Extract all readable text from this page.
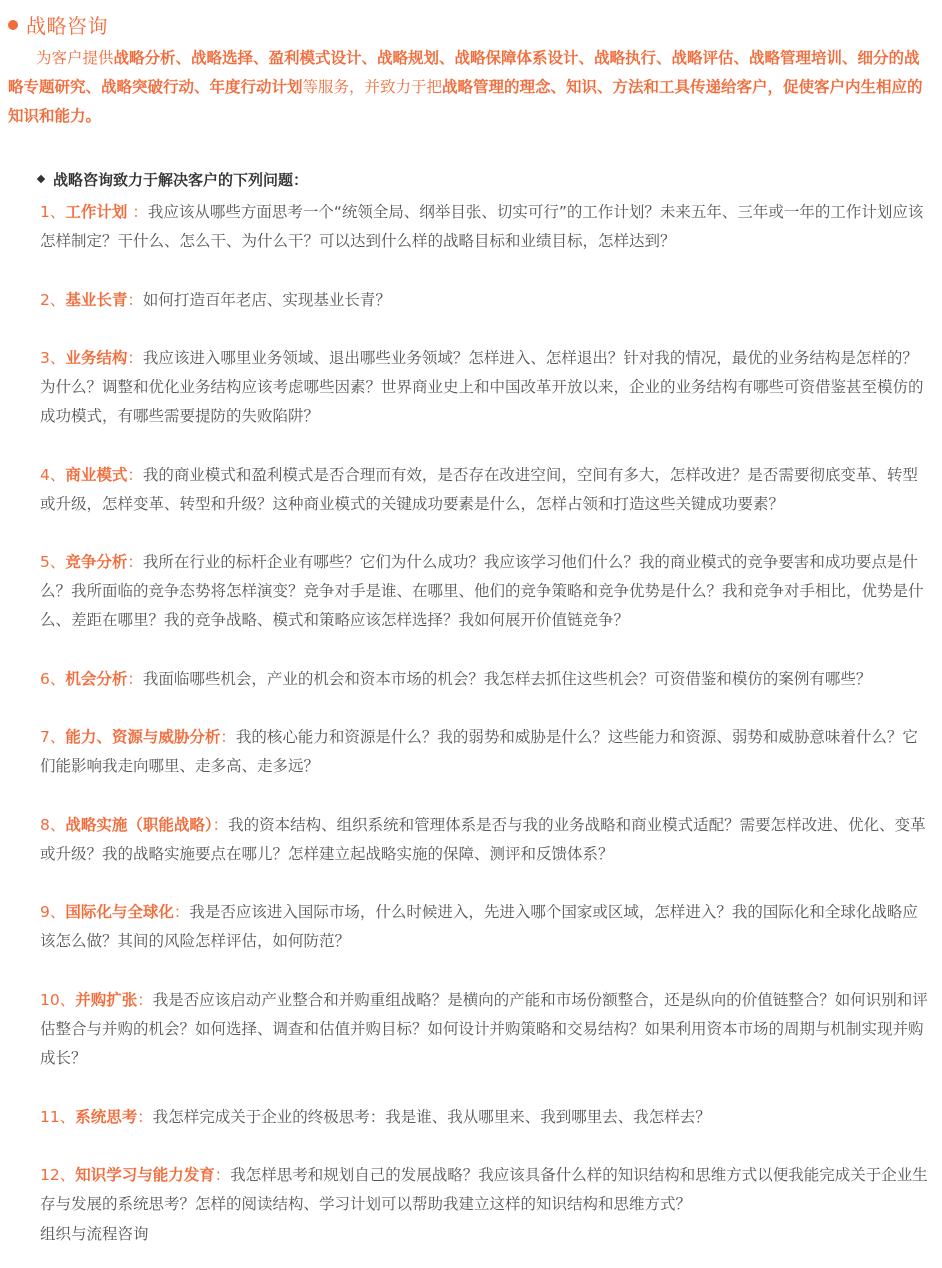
战略咨询
为客户提供战略分析、战略选择、盈利模式设计、战略规划、战略保障体系设计、战略执行、战略评估、战略管理培训、细分的战略专题研究、战略突破行动、年度行动计划等服务，并致力于把战略管理的理念、知识、方法和工具传递给客户，促使客户内生相应的知识和能力。
战略咨询致力于解决客户的下列问题：
1、工作计划 ：我应该从哪些方面思考一个“统领全局、纲举目张、切实可行”的工作计划？未来五年、三年或一年的工作计划应该怎样制定？干什么、怎么干、为什么干？可以达到什么样的战略目标和业绩目标，怎样达到？
2、基业长青：如何打造百年老店、实现基业长青？
3、业务结构：我应该进入哪里业务领域、退出哪些业务领域？怎样进入、怎样退出？针对我的情况，最优的业务结构是怎样的？为什么？调整和优化业务结构应该考虑哪些因素？世界商业史上和中国改革开放以来，企业的业务结构有哪些可资借鉴甚至模仿的成功模式，有哪些需要提防的失败陷阱？
4、商业模式：我的商业模式和盈利模式是否合理而有效，是否存在改进空间，空间有多大，怎样改进？是否需要彻底变革、转型或升级，怎样变革、转型和升级？这种商业模式的关键成功要素是什么，怎样占领和打造这些关键成功要素？
5、竞争分析：我所在行业的标杆企业有哪些？它们为什么成功？我应该学习他们什么？我的商业模式的竞争要害和成功要点是什么？我所面临的竞争态势将怎样演变？竞争对手是谁、在哪里、他们的竞争策略和竞争优势是什么？我和竞争对手相比，优势是什么、差距在哪里？我的竞争战略、模式和策略应该怎样选择？我如何展开价值链竞争？
6、机会分析：我面临哪些机会，产业的机会和资本市场的机会？我怎样去抓住这些机会？可资借鉴和模仿的案例有哪些？
7、能力、资源与威胁分析：我的核心能力和资源是什么？我的弱势和威胁是什么？这些能力和资源、弱势和威胁意味着什么？它们能影响我走向哪里、走多高、走多远？
8、战略实施（职能战略）：我的资本结构、组织系统和管理体系是否与我的业务战略和商业模式适配？需要怎样改进、优化、变革或升级？我的战略实施要点在哪儿？怎样建立起战略实施的保障、测评和反馈体系？
9、国际化与全球化：我是否应该进入国际市场，什么时候进入，先进入哪个国家或区域，怎样进入？我的国际化和全球化战略应该怎么做？其间的风险怎样评估，如何防范？
10、并购扩张：我是否应该启动产业整合和并购重组战略？是横向的产能和市场份额整合，还是纵向的价值链整合？如何识别和评估整合与并购的机会？如何选择、调查和估值并购目标？如何设计并购策略和交易结构？如果利用资本市场的周期与机制实现并购成长？
11、系统思考：我怎样完成关于企业的终极思考：我是谁、我从哪里来、我到哪里去、我怎样去？
12、知识学习与能力发育：我怎样思考和规划自己的发展战略？我应该具备什么样的知识结构和思维方式以便我能完成关于企业生存与发展的系统思考？怎样的阅读结构、学习计划可以帮助我建立这样的知识结构和思维方式？
组织与流程咨询
